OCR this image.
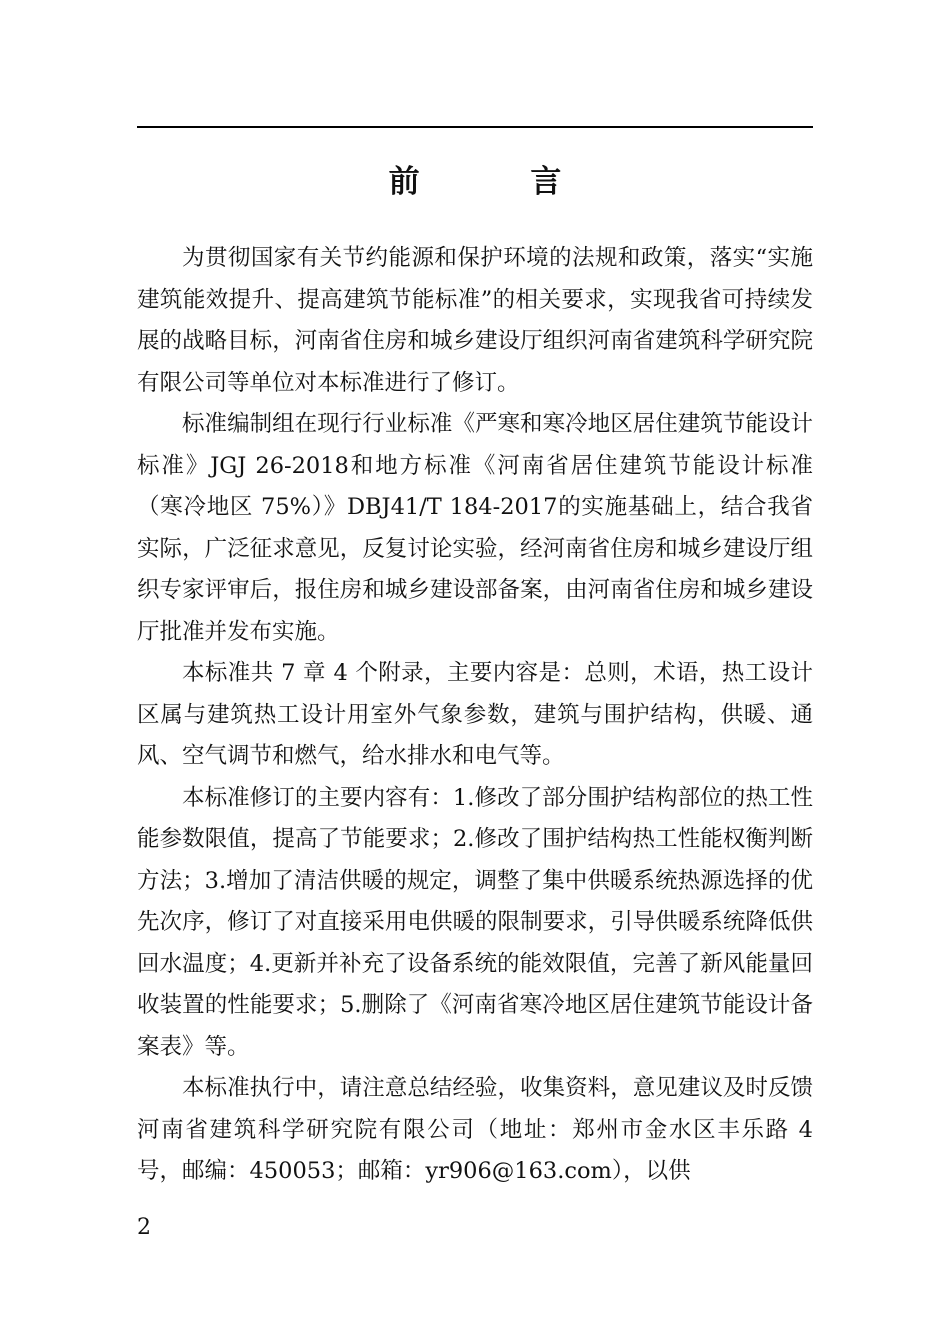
前 言

为贯彻国家有关节约能源和保护环境的法规和政策，落实“实施建筑能效提升、提高建筑节能标准”的相关要求，实现我省可持续发展的战略目标，河南省住房和城乡建设厅组织河南省建筑科学研究院有限公司等单位对本标准进行了修订。

标准编制组在现行行业标准《严寒和寒冷地区居住建筑节能设计标准》JGJ 26-2018和地方标准《河南省居住建筑节能设计标准（寒冷地区 75%）》DBJ41/T 184-2017的实施基础上，结合我省实际，广泛征求意见，反复讨论实验，经河南省住房和城乡建设厅组织专家评审后，报住房和城乡建设部备案，由河南省住房和城乡建设厅批准并发布实施。

本标准共 7 章 4 个附录，主要内容是：总则，术语，热工设计区属与建筑热工设计用室外气象参数，建筑与围护结构，供暖、通风、空气调节和燃气，给水排水和电气等。

本标准修订的主要内容有：1.修改了部分围护结构部位的热工性能参数限值，提高了节能要求；2.修改了围护结构热工性能权衡判断方法；3.增加了清洁供暖的规定，调整了集中供暖系统热源选择的优先次序，修订了对直接采用电供暖的限制要求，引导供暖系统降低供回水温度；4.更新并补充了设备系统的能效限值，完善了新风能量回收装置的性能要求；5.删除了《河南省寒冷地区居住建筑节能设计备案表》等。

本标准执行中，请注意总结经验，收集资料，意见建议及时反馈河南省建筑科学研究院有限公司（地址：郑州市金水区丰乐路 4 号，邮编：450053；邮箱：yr906@163.com），以供

2
